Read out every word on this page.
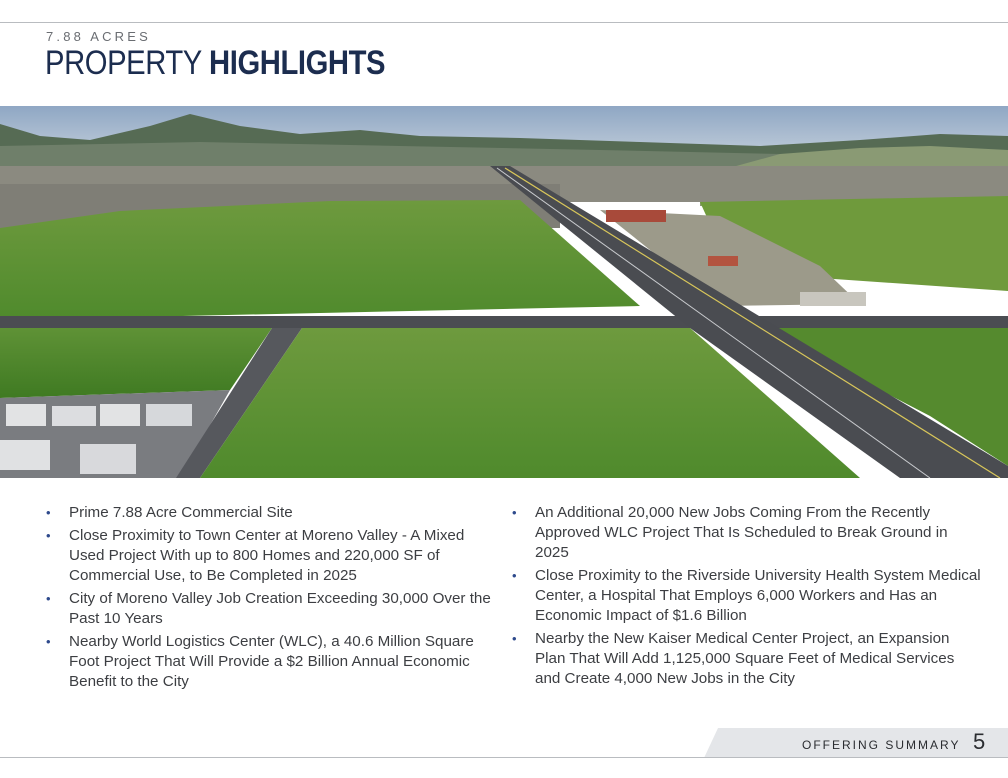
7.88 ACRES
PROPERTY HIGHLIGHTS
• Prime 7.88 Acre Commercial Site
• Close Proximity to Town Center at Moreno Valley - A Mixed Used Project With up to 800 Homes and 220,000 SF of Commercial Use, to Be Completed in 2025
• City of Moreno Valley Job Creation Exceeding 30,000 Over the Past 10 Years
• Nearby World Logistics Center (WLC), a 40.6 Million Square Foot Project That Will Provide a $2 Billion Annual Economic Benefit to the City
• An Additional 20,000 New Jobs Coming From the Recently Approved WLC Project That Is Scheduled to Break Ground in 2025
• Close Proximity to the Riverside University Health System Medical Center, a Hospital That Employs 6,000 Workers and Has an Economic Impact of $1.6 Billion
• Nearby the New Kaiser Medical Center Project, an Expansion Plan That Will Add 1,125,000 Square Feet of Medical Services and Create 4,000 New Jobs in the City
OFFERING SUMMARY 5
